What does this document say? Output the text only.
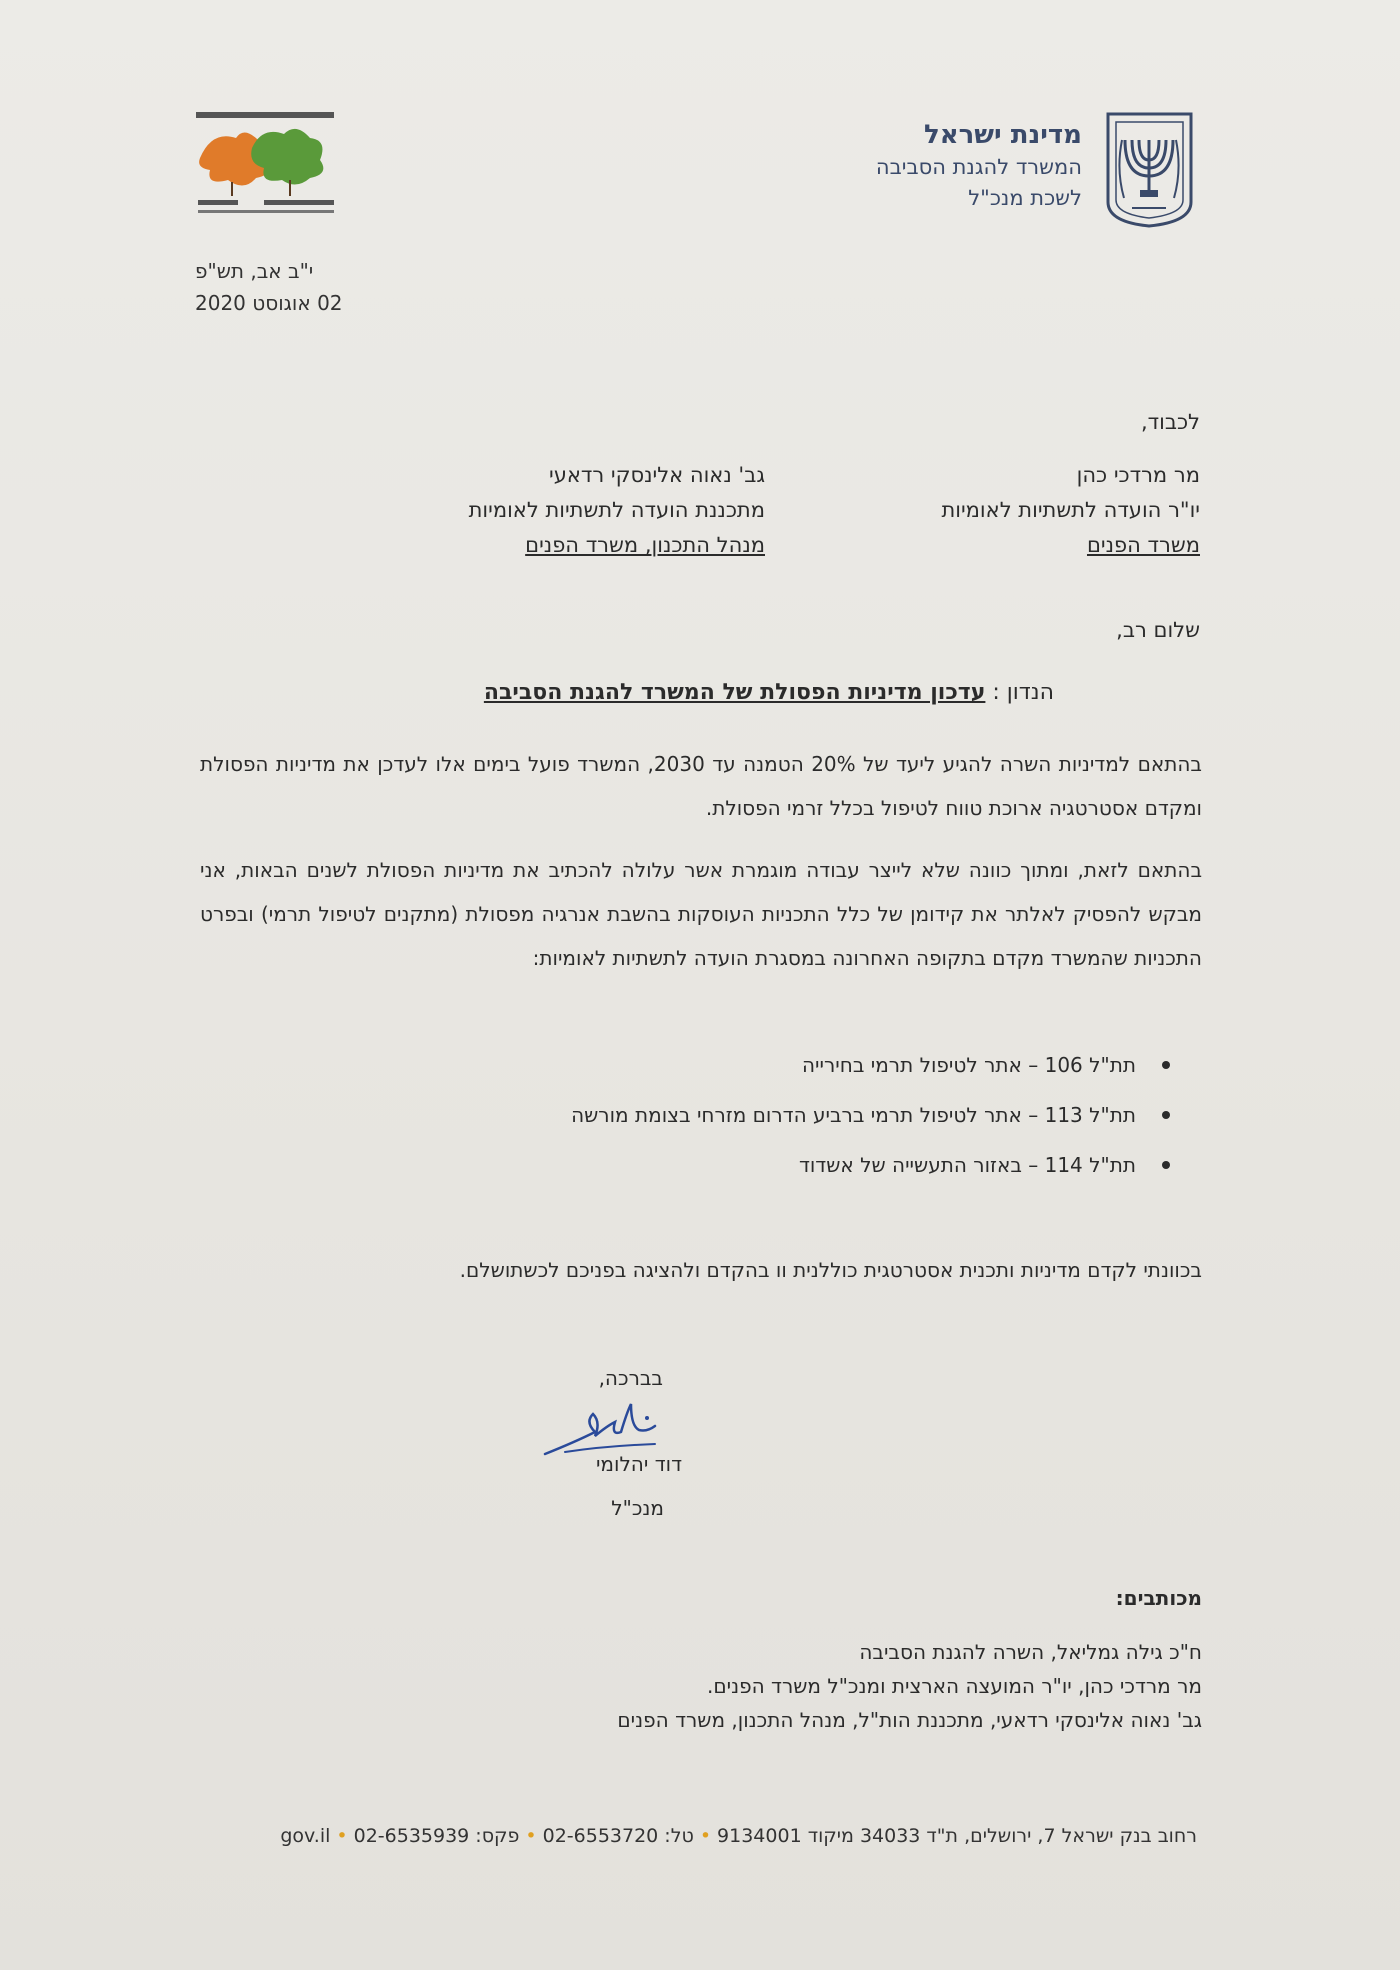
מדינת ישראל
המשרד להגנת הסביבה
לשכת מנכ"ל
י"ב אב, תש"פ
02 אוגוסט 2020
לכבוד,
מר מרדכי כהן
יו"ר הועדה לתשתיות לאומיות
משרד הפנים
גב' נאוה אלינסקי רדאעי
מתכננת הועדה לתשתיות לאומיות
מנהל התכנון, משרד הפנים
שלום רב,
הנדון : עדכון מדיניות הפסולת של המשרד להגנת הסביבה
בהתאם למדיניות השרה להגיע ליעד של 20% הטמנה עד 2030, המשרד פועל בימים אלו לעדכן את מדיניות הפסולת ומקדם אסטרטגיה ארוכת טווח לטיפול בכלל זרמי הפסולת.
בהתאם לזאת, ומתוך כוונה שלא לייצר עבודה מוגמרת אשר עלולה להכתיב את מדיניות הפסולת לשנים הבאות, אני מבקש להפסיק לאלתר את קידומן של כלל התכניות העוסקות בהשבת אנרגיה מפסולת (מתקנים לטיפול תרמי) ובפרט התכניות שהמשרד מקדם בתקופה האחרונה במסגרת הועדה לתשתיות לאומיות:
תת"ל 106 – אתר לטיפול תרמי בחירייה
תת"ל 113 – אתר לטיפול תרמי ברביע הדרום מזרחי בצומת מורשה
תת"ל 114 – באזור התעשייה של אשדוד
בכוונתי לקדם מדיניות ותכנית אסטרטגית כוללנית וו בהקדם ולהציגה בפניכם לכשתושלם.
בברכה,
דוד יהלומי
מנכ"ל
מכותבים:
ח"כ גילה גמליאל, השרה להגנת הסביבה
מר מרדכי כהן, יו"ר המועצה הארצית ומנכ"ל משרד הפנים.
גב' נאוה אלינסקי רדאעי, מתכננת הות"ל, מנהל התכנון, משרד הפנים
רחוב בנק ישראל 7, ירושלים, ת"ד 34033 מיקוד 9134001•טל: 02-6553720•פקס: 02-6535939•gov.il
